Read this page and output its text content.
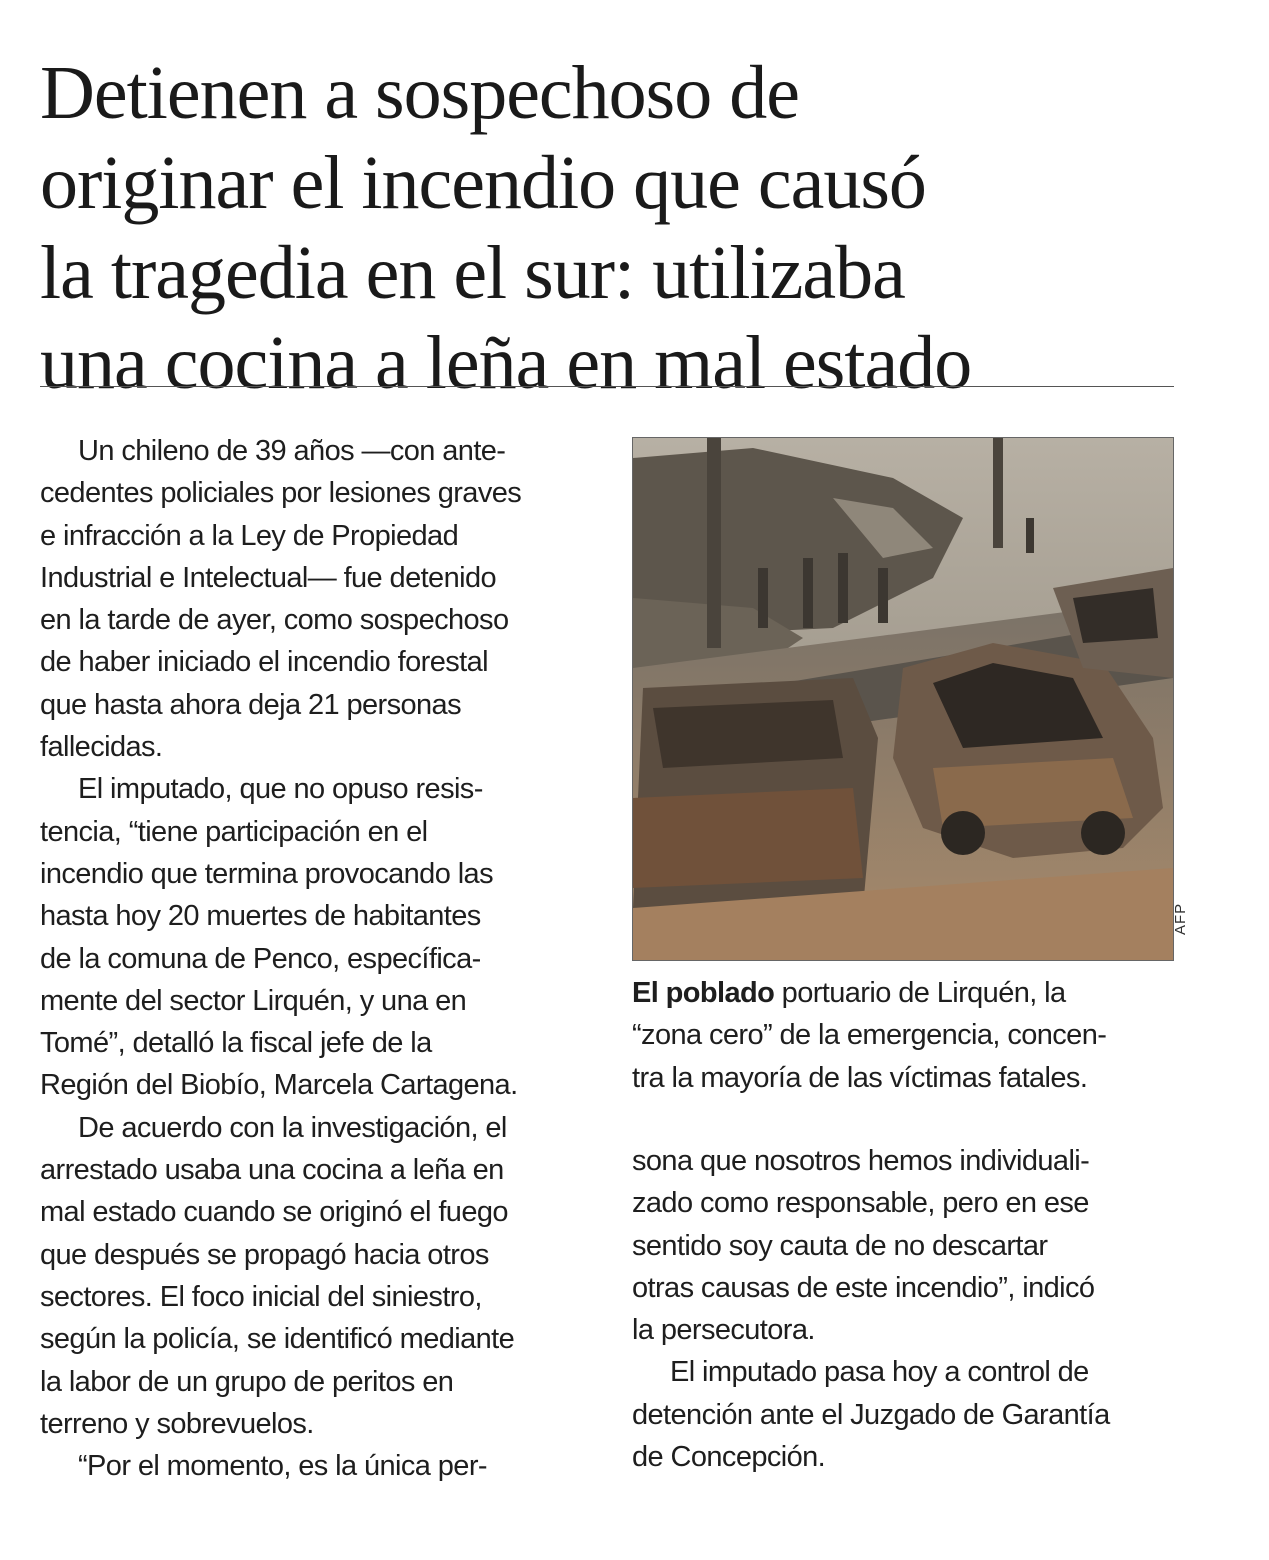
Detienen a sospechoso de
originar el incendio que causó
la tragedia en el sur: utilizaba
una cocina a leña en mal estado
Un chileno de 39 años —con ante-
cedentes policiales por lesiones graves
e infracción a la Ley de Propiedad
Industrial e Intelectual— fue detenido
en la tarde de ayer, como sospechoso
de haber iniciado el incendio forestal
que hasta ahora deja 21 personas
fallecidas.
El imputado, que no opuso resis-
tencia, “tiene participación en el
incendio que termina provocando las
hasta hoy 20 muertes de habitantes
de la comuna de Penco, específica-
mente del sector Lirquén, y una en
Tomé”, detalló la fiscal jefe de la
Región del Biobío, Marcela Cartagena.
De acuerdo con la investigación, el
arrestado usaba una cocina a leña en
mal estado cuando se originó el fuego
que después se propagó hacia otros
sectores. El foco inicial del siniestro,
según la policía, se identificó mediante
la labor de un grupo de peritos en
terreno y sobrevuelos.
“Por el momento, es la única per-
AFP
El poblado portuario de Lirquén, la
“zona cero” de la emergencia, concen-
tra la mayoría de las víctimas fatales.
sona que nosotros hemos individuali-
zado como responsable, pero en ese
sentido soy cauta de no descartar
otras causas de este incendio”, indicó
la persecutora.
El imputado pasa hoy a control de
detención ante el Juzgado de Garantía
de Concepción.
